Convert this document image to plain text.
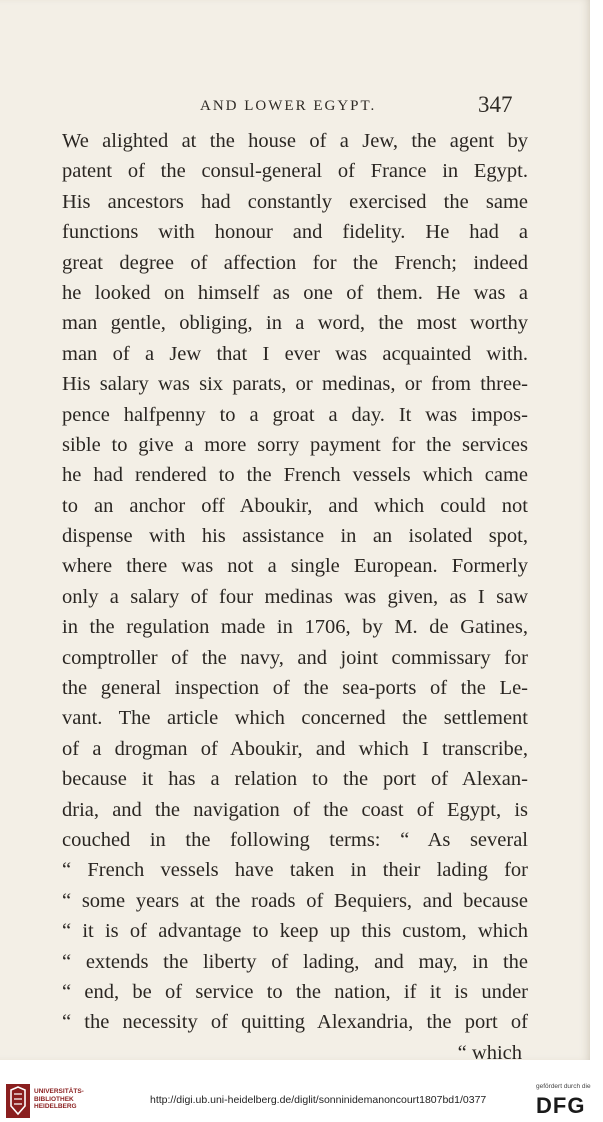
AND LOWER EGYPT.	347
We alighted at the house of a Jew, the agent by
patent of the consul-general of France in Egypt.
His ancestors had constantly exercised the same
functions with honour and fidelity. He had a
great degree of affection for the French; indeed
he looked on himself as one of them. He was a
man gentle, obliging, in a word, the most worthy
man of a Jew that I ever was acquainted with.
His salary was six parats, or medinas, or from three-
pence halfpenny to a groat a day. It was impos-
sible to give a more sorry payment for the services
he had rendered to the French vessels which came
to an anchor off Aboukir, and which could not
dispense with his assistance in an isolated spot,
where there was not a single European. Formerly
only a salary of four medinas was given, as I saw
in the regulation made in 1706, by M. de Gatines,
comptroller of the navy, and joint commissary for
the general inspection of the sea-ports of the Le-
vant. The article which concerned the settlement
of a drogman of Aboukir, and which I transcribe,
because it has a relation to the port of Alexan-
dria, and the navigation of the coast of Egypt, is
couched in the following terms: “ As several
“ French vessels have taken in their lading for
“ some years at the roads of Bequiers, and because
“ it is of advantage to keep up this custom, which
“ extends the liberty of lading, and may, in the
“ end, be of service to the nation, if it is under
“ the necessity of quitting Alexandria, the port of
“ which
UNIVERSITÄTS-
BIBLIOTHEK
HEIDELBERG
http://digi.ub.uni-heidelberg.de/diglit/sonninidemanoncourt1807bd1/0377
gefördert durch die
DFG
